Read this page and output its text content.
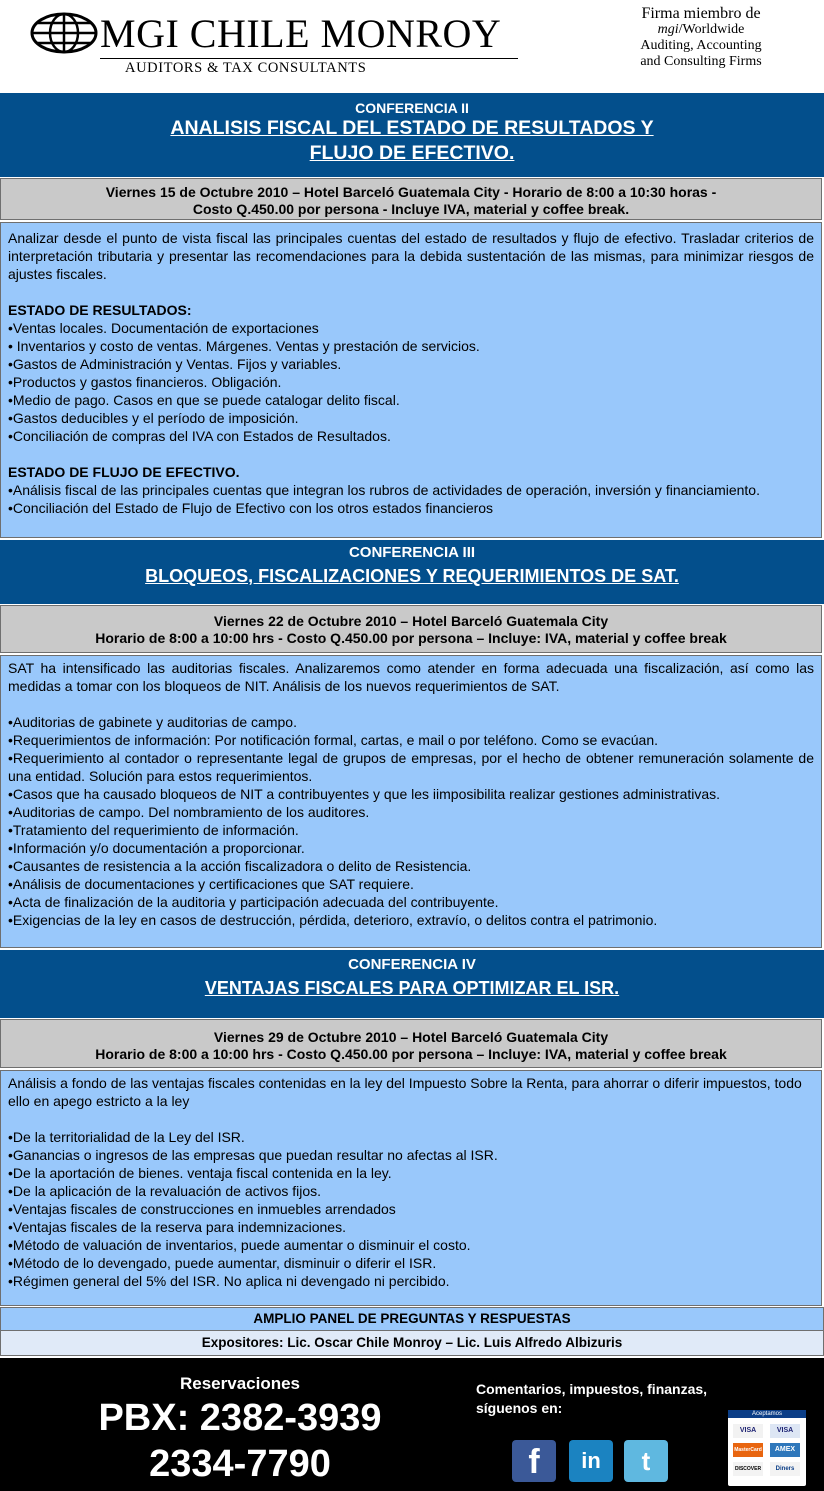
MGI CHILE MONROY
AUDITORS & TAX CONSULTANTS
Firma miembro de
mgi/Worldwide
Auditing, Accounting
and Consulting Firms
CONFERENCIA II
ANALISIS FISCAL DEL ESTADO DE RESULTADOS Y
FLUJO DE EFECTIVO.
Viernes 15 de Octubre 2010 – Hotel Barceló Guatemala City - Horario de 8:00 a 10:30 horas -
Costo Q.450.00 por persona - Incluye IVA, material y coffee break.

Analizar desde el punto de vista fiscal las principales cuentas del estado de resultados y flujo de efectivo. Trasladar criterios de interpretación tributaria y presentar las recomendaciones para la debida sustentación de las mismas, para minimizar riesgos de ajustes fiscales.

ESTADO DE RESULTADOS:

•Ventas locales. Documentación de exportaciones

• Inventarios y costo de ventas. Márgenes. Ventas y prestación de servicios.

•Gastos de Administración y Ventas. Fijos y variables.

•Productos y gastos financieros. Obligación.

•Medio de pago. Casos en que se puede catalogar delito fiscal.

•Gastos deducibles y el período de imposición.

•Conciliación de compras del IVA con Estados de Resultados.

ESTADO DE FLUJO DE EFECTIVO.

•Análisis fiscal de las principales cuentas que integran los rubros de actividades de operación, inversión y financiamiento.

•Conciliación del Estado de Flujo de Efectivo con los otros estados financieros

CONFERENCIA III
BLOQUEOS, FISCALIZACIONES Y REQUERIMIENTOS DE SAT.
Viernes 22 de Octubre 2010 – Hotel Barceló Guatemala City
Horario de 8:00 a 10:00 hrs - Costo Q.450.00 por persona – Incluye: IVA, material y coffee break

SAT ha intensificado las auditorias fiscales. Analizaremos como atender en forma adecuada una fiscalización, así como las medidas a tomar con los bloqueos de NIT. Análisis de los nuevos requerimientos de SAT.

•Auditorias de gabinete y auditorias de campo.

•Requerimientos de información: Por notificación formal, cartas, e mail o por teléfono. Como se evacúan.

•Requerimiento al contador o representante legal de grupos de empresas, por el hecho de obtener remuneración solamente de una entidad. Solución para estos requerimientos.

•Casos que ha causado bloqueos de NIT a contribuyentes y que les iimposibilita realizar gestiones administrativas.

•Auditorias de campo. Del nombramiento de los auditores.

•Tratamiento del requerimiento de información.

•Información y/o documentación a proporcionar.

•Causantes de resistencia a la acción fiscalizadora o delito de Resistencia.

•Análisis de documentaciones y certificaciones que SAT requiere.

•Acta de finalización de la auditoria y participación adecuada del contribuyente.

•Exigencias de la ley en casos de destrucción, pérdida, deterioro, extravío, o delitos contra el patrimonio.

CONFERENCIA IV
VENTAJAS FISCALES PARA OPTIMIZAR EL ISR.
Viernes 29 de Octubre 2010 – Hotel Barceló Guatemala City
Horario de 8:00 a 10:00 hrs - Costo Q.450.00 por persona – Incluye: IVA, material y coffee break

Análisis a fondo de las ventajas fiscales contenidas en la ley del Impuesto Sobre la Renta, para ahorrar o diferir impuestos, todo ello en apego estricto a la ley

•De la territorialidad de la Ley del ISR.

•Ganancias o ingresos de las empresas que puedan resultar no afectas al ISR.

•De la aportación de bienes. ventaja fiscal contenida en la ley.

•De la aplicación de la revaluación de activos fijos.

•Ventajas fiscales de construcciones en inmuebles arrendados

•Ventajas fiscales de la reserva para indemnizaciones.

•Método de valuación de inventarios, puede aumentar o disminuir el costo.

•Método de lo devengado, puede aumentar, disminuir o diferir el ISR.

•Régimen general del 5% del ISR. No aplica ni devengado ni percibido.

AMPLIO PANEL DE PREGUNTAS Y RESPUESTAS
Expositores: Lic. Oscar Chile Monroy – Lic. Luis Alfredo Albizuris
Reservaciones
PBX: 2382-3939
2334-7790
Comentarios, impuestos, finanzas, síguenos en:
f	in	t
Aceptamos
VISA	VISA
MasterCard	AMEX
DISCOVER	Diners
